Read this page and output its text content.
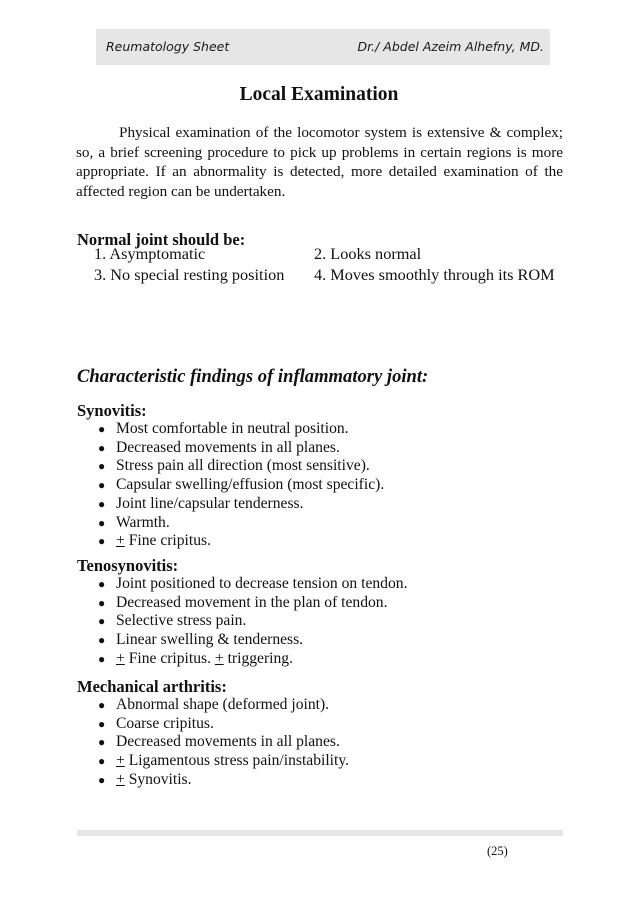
Reumatology Sheet	Dr./ Abdel Azeim Alhefny, MD.
Local Examination
Physical examination of the locomotor system is extensive & complex; so, a brief screening procedure to pick up problems in certain regions is more appropriate. If an abnormality is detected, more detailed examination of the affected region can be undertaken.
Normal joint should be:
1. Asymptomatic	2. Looks normal
3. No special resting position 4. Moves smoothly through its ROM
Characteristic findings of inflammatory joint:
Synovitis:
● Most comfortable in neutral position.
● Decreased movements in all planes.
● Stress pain all direction (most sensitive).
● Capsular swelling/effusion (most specific).
● Joint line/capsular tenderness.
● Warmth.
● + Fine cripitus.
Tenosynovitis:
● Joint positioned to decrease tension on tendon.
● Decreased movement in the plan of tendon.
● Selective stress pain.
● Linear swelling & tenderness.
● + Fine cripitus. + triggering.
Mechanical arthritis:
● Abnormal shape (deformed joint).
● Coarse cripitus.
● Decreased movements in all planes.
● + Ligamentous stress pain/instability.
● + Synovitis.
(25)
